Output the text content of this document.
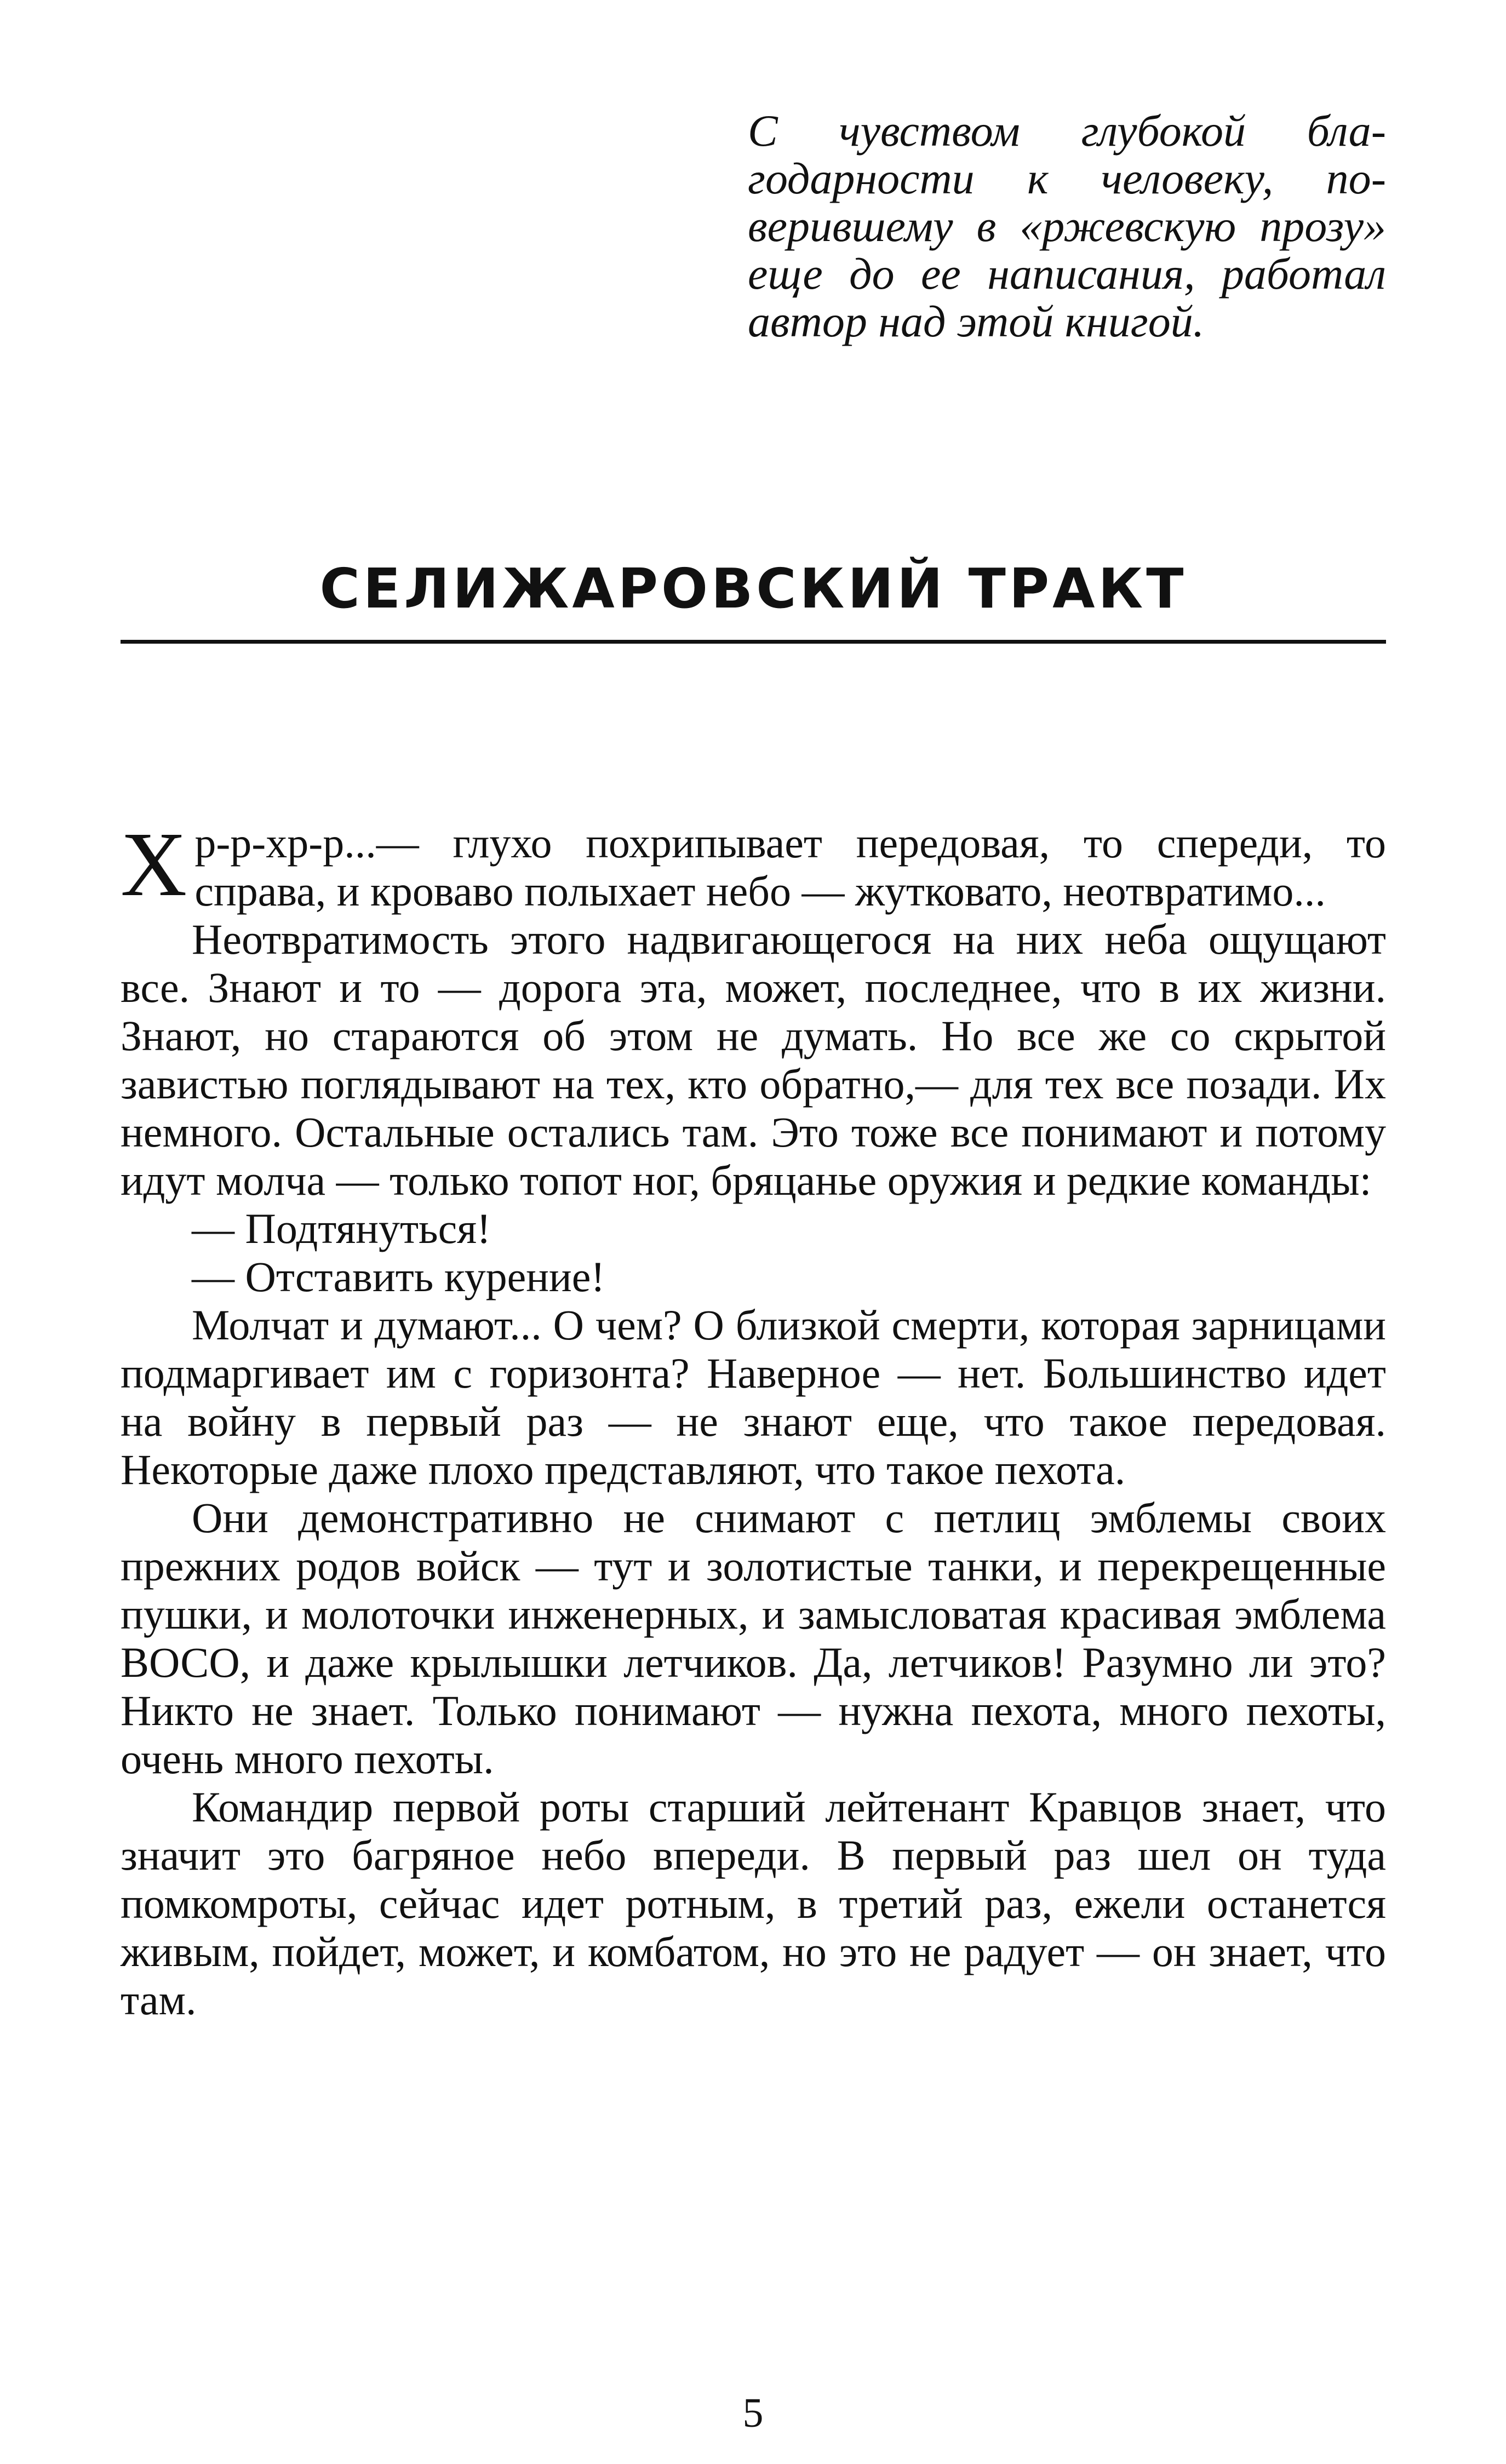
С чувством глубокой благодарности к человеку, поверившему в «ржевскую прозу» еще до ее написания, работал автор над этой книгой.
СЕЛИЖАРОВСКИЙ ТРАКТ

Хр-р-хр-р...— глухо похрипывает передовая, то спереди, то справа, и кроваво полыхает небо — жутковато, неотвратимо...

Неотвратимость этого надвигающегося на них неба ощущают все. Знают и то — дорога эта, может, последнее, что в их жизни. Знают, но стараются об этом не думать. Но все же со скрытой завистью поглядывают на тех, кто обратно,— для тех все позади. Их немного. Остальные остались там. Это тоже все понимают и потому идут молча — только топот ног, бряцанье оружия и редкие команды:

— Подтянуться!

— Отставить курение!

Молчат и думают... О чем? О близкой смерти, которая зарницами подмаргивает им с горизонта? Наверное — нет. Большинство идет на войну в первый раз — не знают еще, что такое передовая. Некоторые даже плохо представляют, что такое пехота.

Они демонстративно не снимают с петлиц эмблемы своих прежних родов войск — тут и золотистые танки, и перекрещенные пушки, и молоточки инженерных, и замысловатая красивая эмблема ВОСО, и даже крылышки летчиков. Да, летчиков! Разумно ли это? Никто не знает. Только понимают — нужна пехота, много пехоты, очень много пехоты.

Командир первой роты старший лейтенант Кравцов знает, что значит это багряное небо впереди. В первый раз шел он туда помкомроты, сейчас идет ротным, в третий раз, ежели останется живым, пойдет, может, и комбатом, но это не радует — он знает, что там.

5
